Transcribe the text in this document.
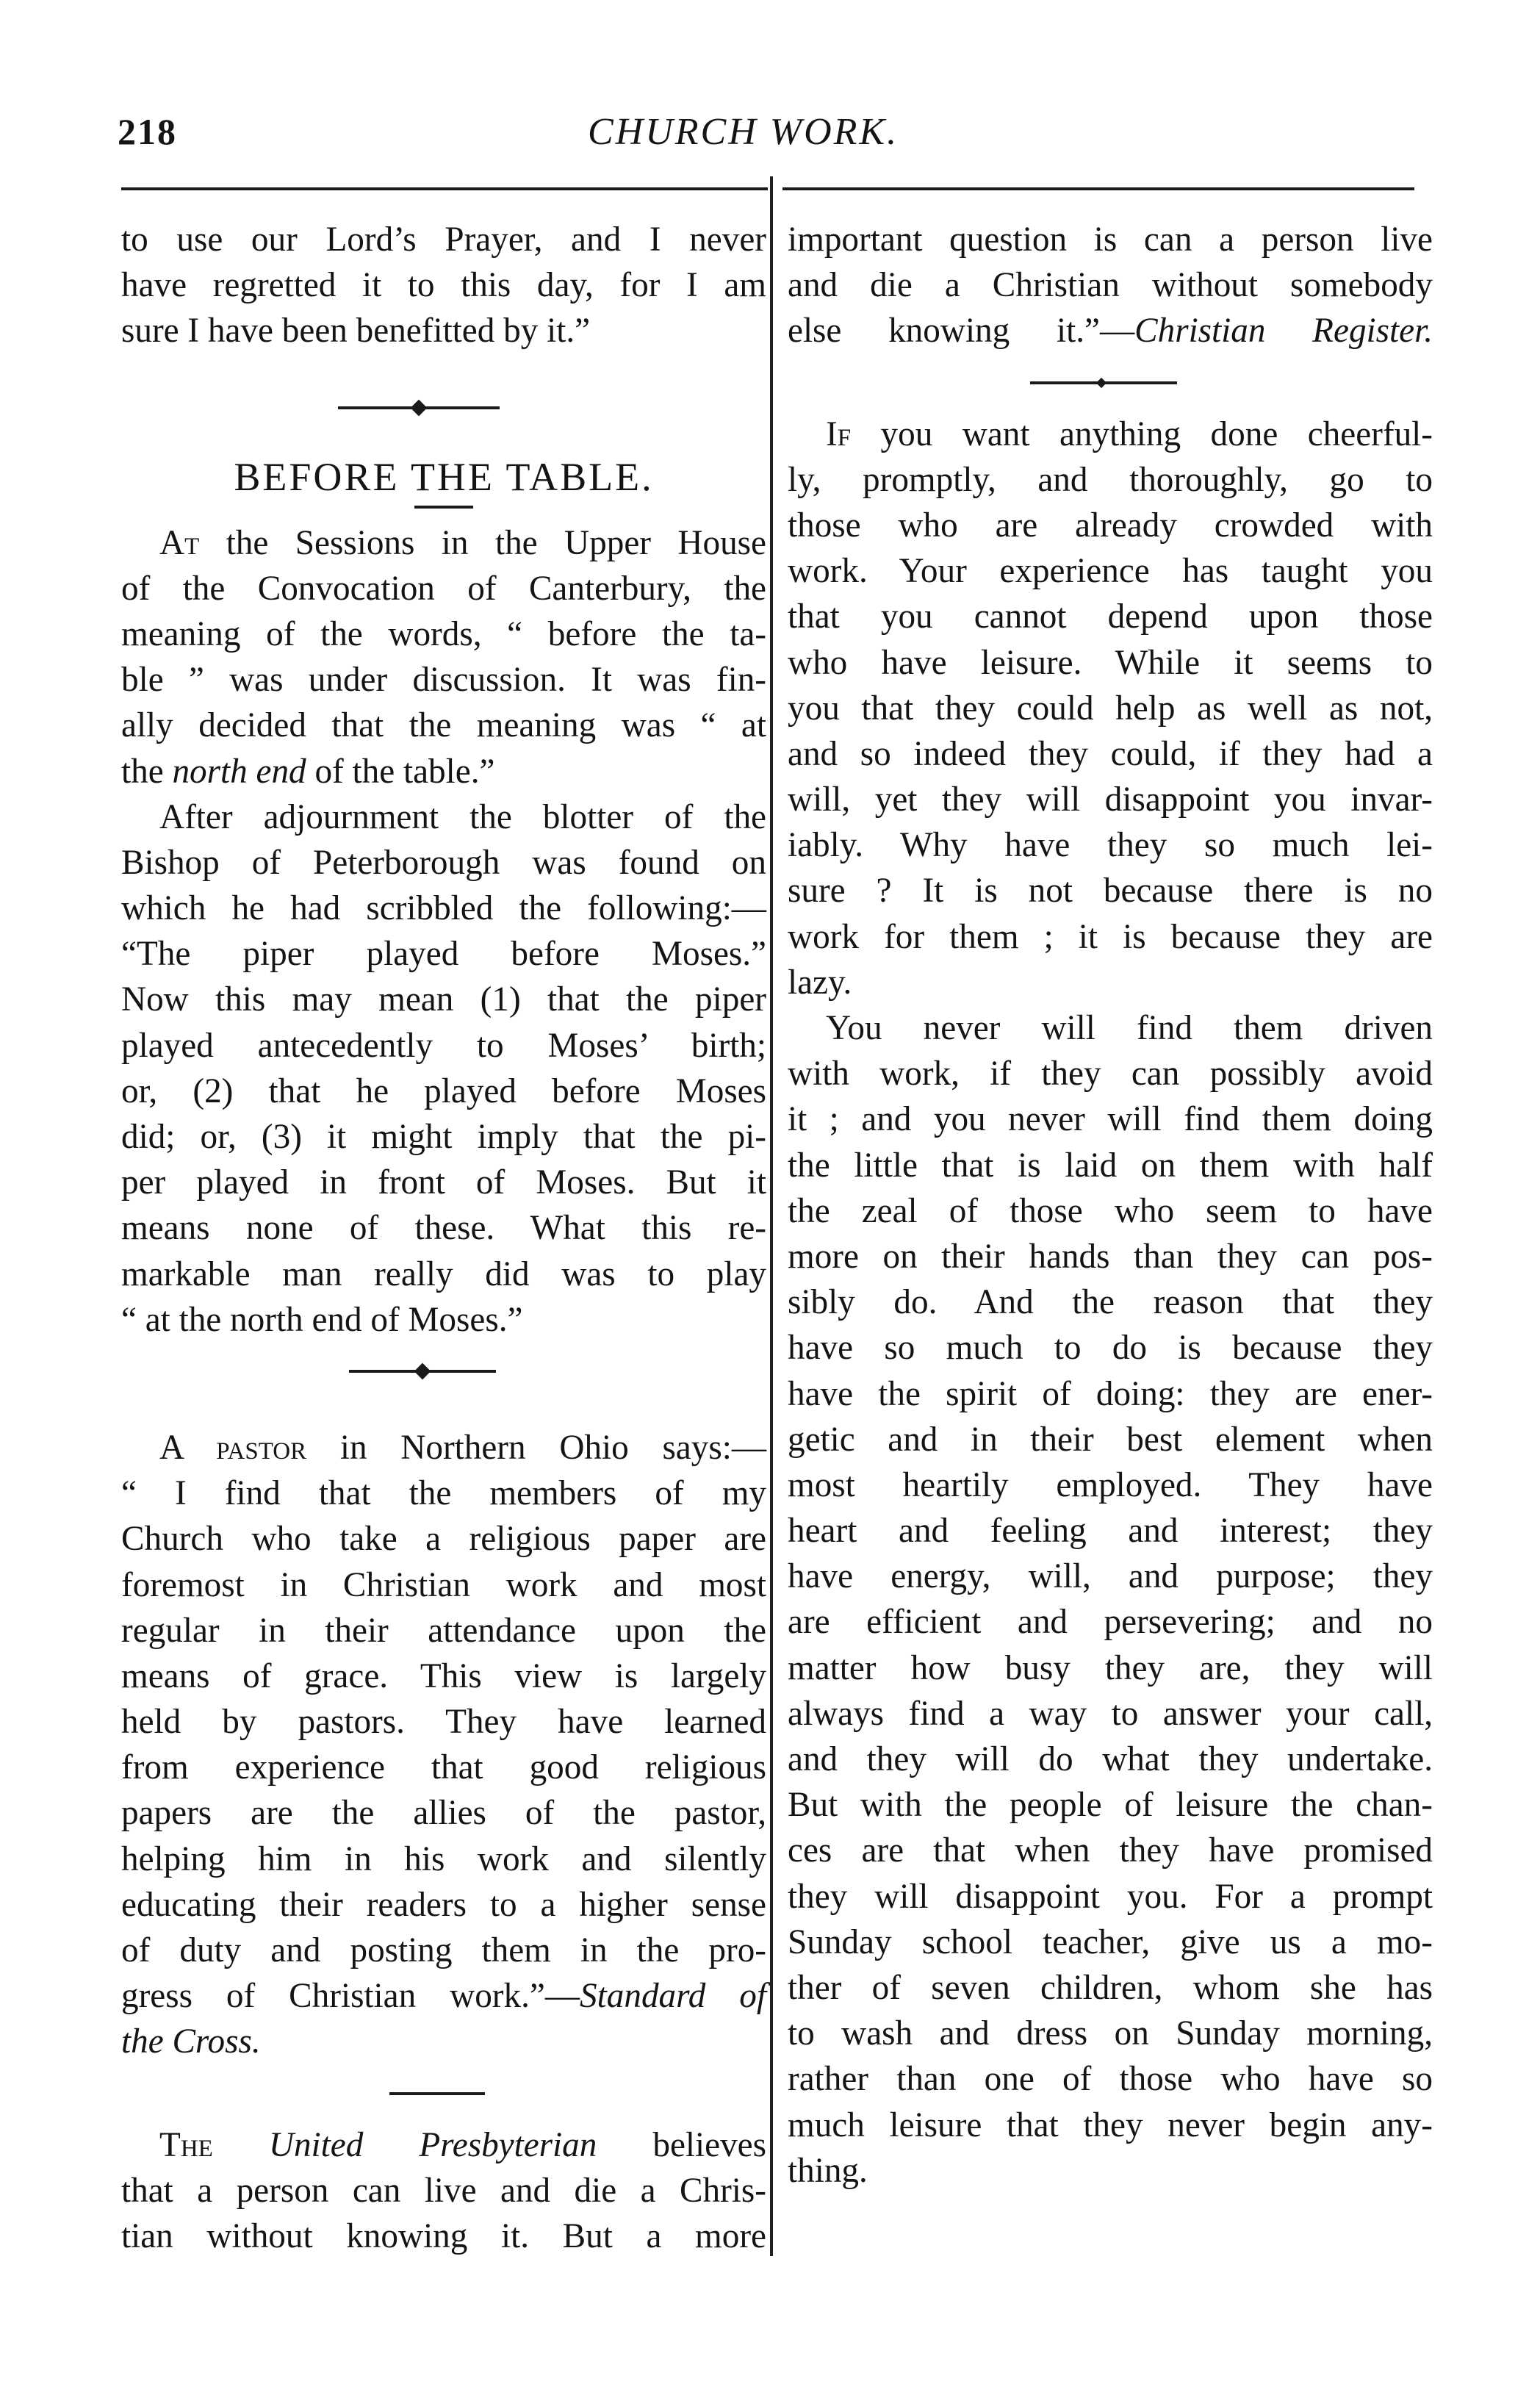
218	CHURCH WORK.
to use our Lord’s Prayer, and I never
have regretted it to this day, for I am
sure I have been benefitted by it.”
BEFORE THE TABLE.
At the Sessions in the Upper House
of the Convocation of Canterbury, the
meaning of the words, “ before the ta-
ble ” was under discussion. It was fin-
ally decided that the meaning was “ at
the north end of the table.”
After adjournment the blotter of the
Bishop of Peterborough was found on
which he had scribbled the following:—
“The piper played before Moses.”
Now this may mean (1) that the piper
played antecedently to Moses’ birth;
or, (2) that he played before Moses
did; or, (3) it might imply that the pi-
per played in front of Moses. But it
means none of these. What this re-
markable man really did was to play
“ at the north end of Moses.”
A pastor in Northern Ohio says:—
“ I find that the members of my
Church who take a religious paper are
foremost in Christian work and most
regular in their attendance upon the
means of grace. This view is largely
held by pastors. They have learned
from experience that good religious
papers are the allies of the pastor,
helping him in his work and silently
educating their readers to a higher sense
of duty and posting them in the pro-
gress of Christian work.”—Standard of
the Cross.
The United Presbyterian believes
that a person can live and die a Chris-
tian without knowing it. But a more
important question is can a person live
and die a Christian without somebody
else knowing it.”—Christian Register.
If you want anything done cheerful-
ly, promptly, and thoroughly, go to
those who are already crowded with
work. Your experience has taught you
that you cannot depend upon those
who have leisure. While it seems to
you that they could help as well as not,
and so indeed they could, if they had a
will, yet they will disappoint you invar-
iably. Why have they so much lei-
sure ? It is not because there is no
work for them ; it is because they are
lazy.
You never will find them driven
with work, if they can possibly avoid
it ; and you never will find them doing
the little that is laid on them with half
the zeal of those who seem to have
more on their hands than they can pos-
sibly do. And the reason that they
have so much to do is because they
have the spirit of doing: they are ener-
getic and in their best element when
most heartily employed. They have
heart and feeling and interest; they
have energy, will, and purpose; they
are efficient and persevering; and no
matter how busy they are, they will
always find a way to answer your call,
and they will do what they undertake.
But with the people of leisure the chan-
ces are that when they have promised
they will disappoint you. For a prompt
Sunday school teacher, give us a mo-
ther of seven children, whom she has
to wash and dress on Sunday morning,
rather than one of those who have so
much leisure that they never begin any-
thing.
